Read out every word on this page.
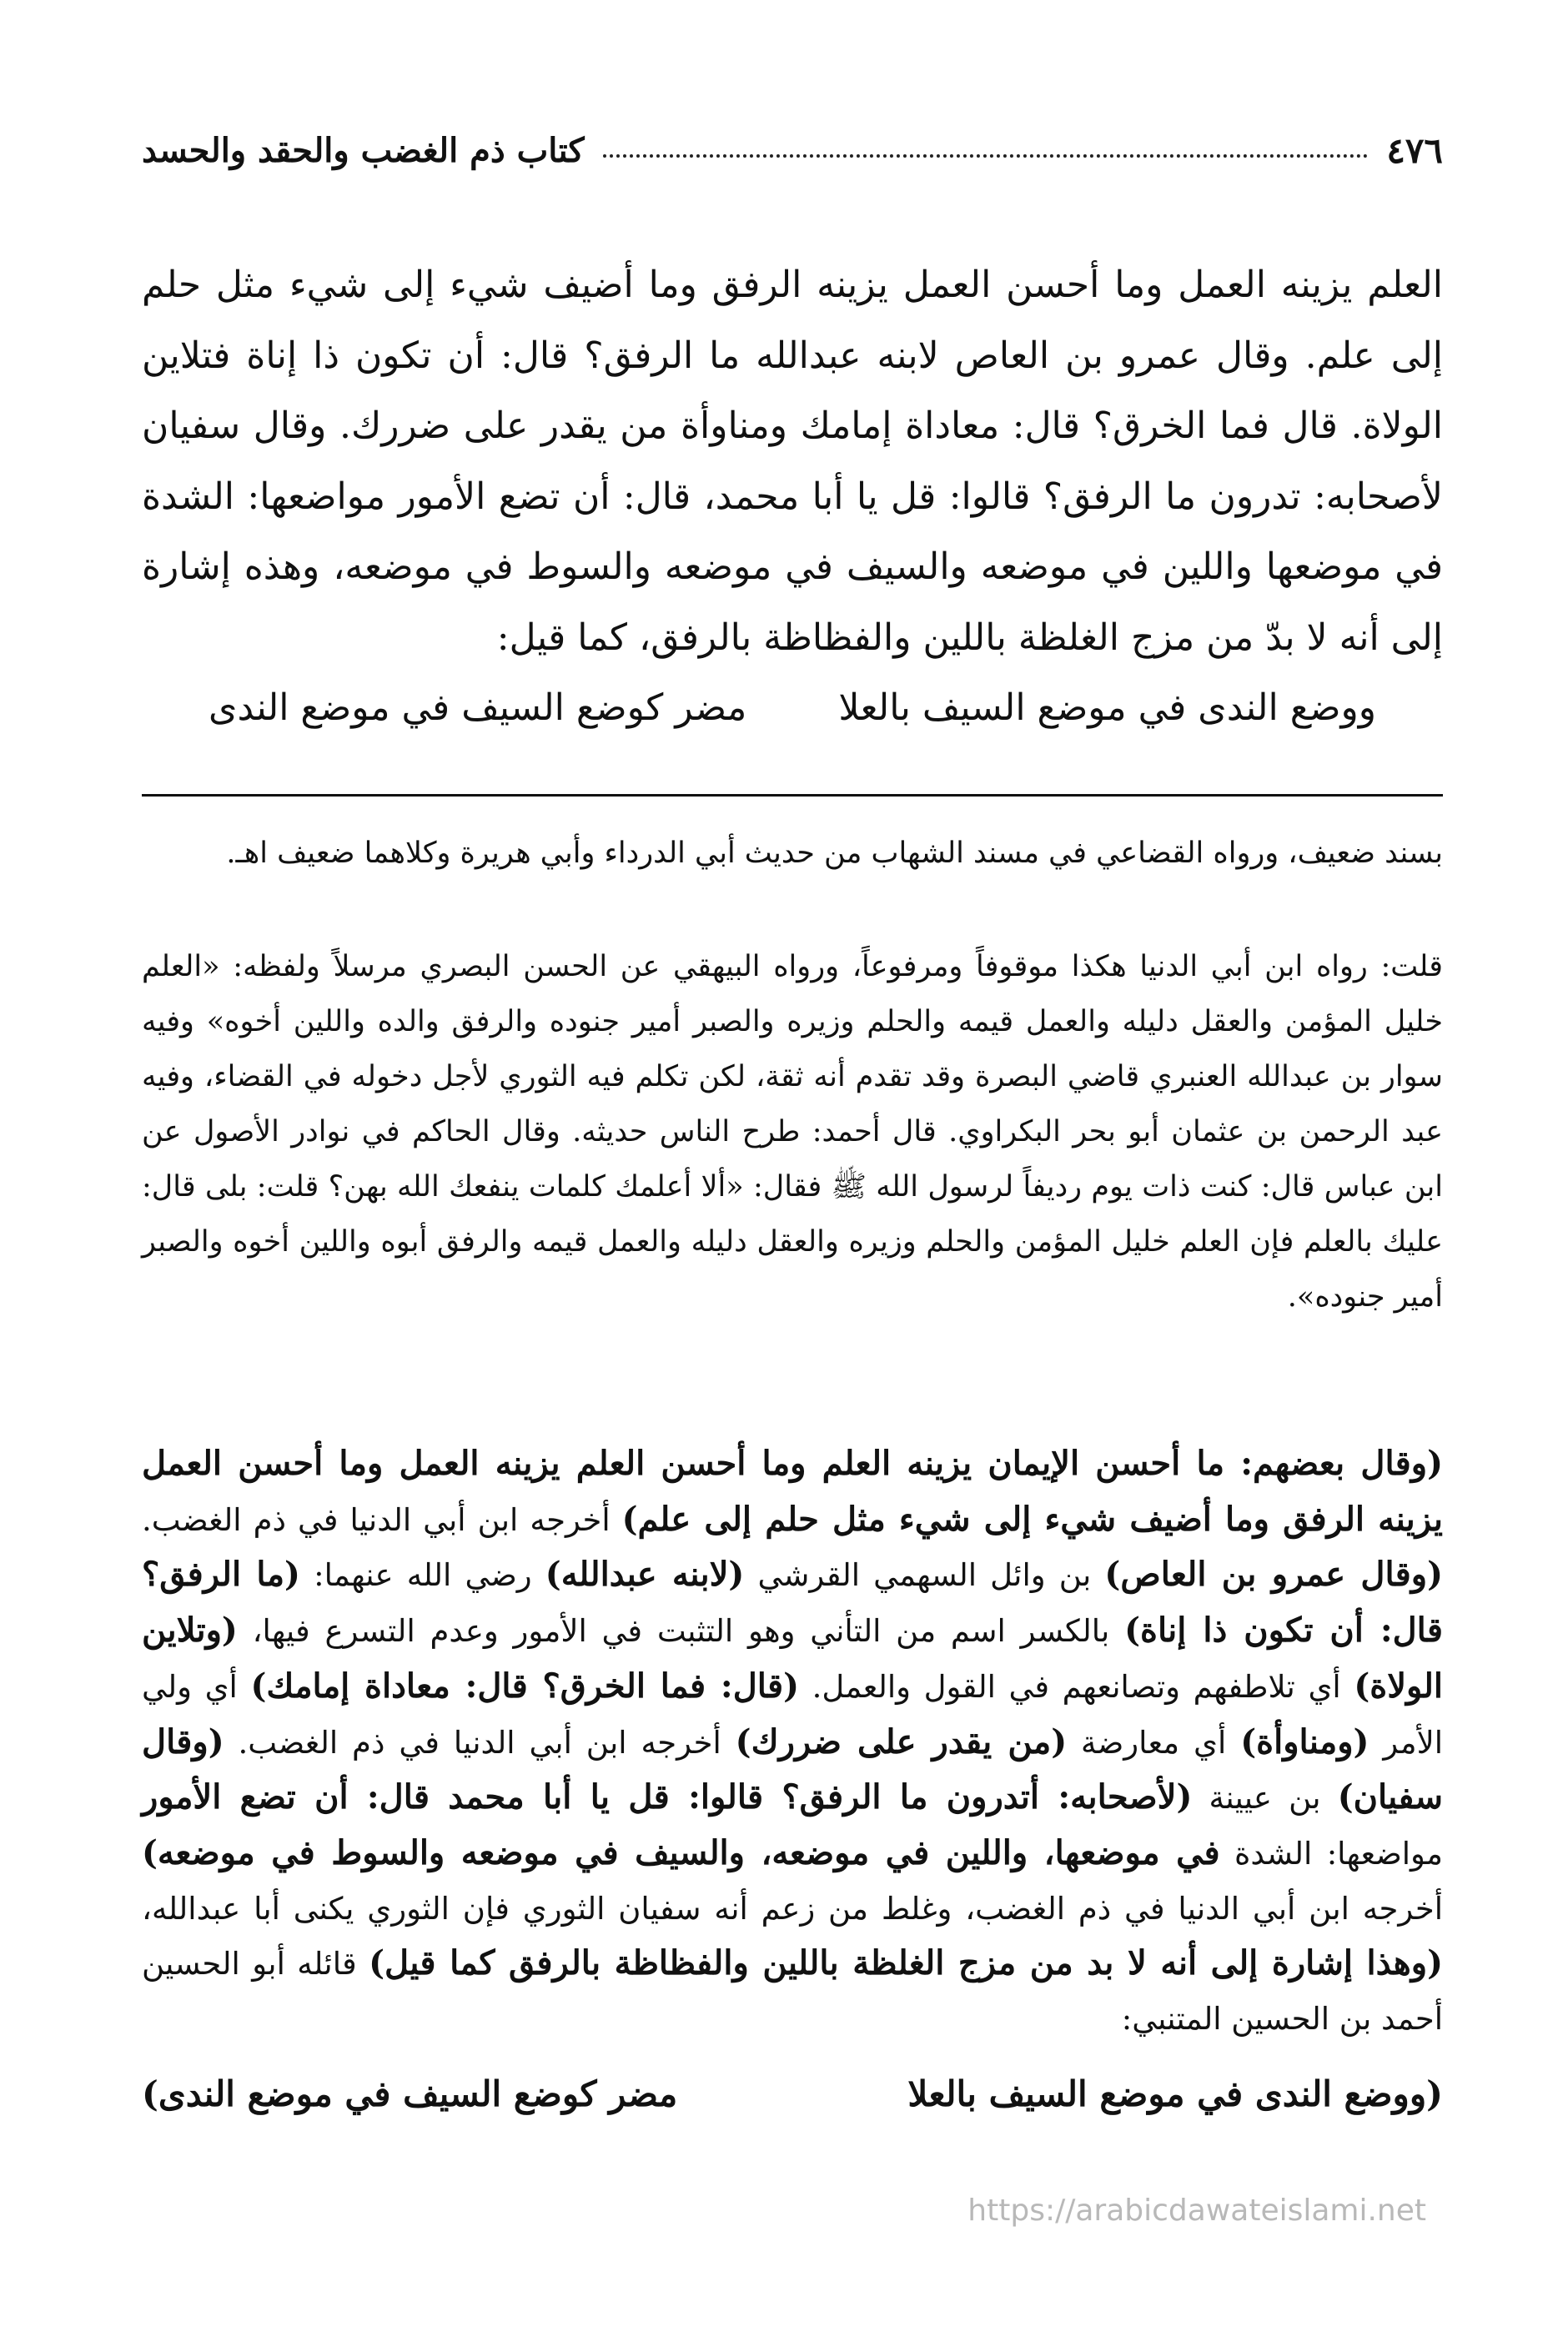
٤٧٦
كتاب ذم الغضب والحقد والحسد
العلم يزينه العمل وما أحسن العمل يزينه الرفق وما أضيف شيء إلى شيء مثل حلم إلى علم. وقال عمرو بن العاص لابنه عبدالله ما الرفق؟ قال: أن تكون ذا إناة فتلاين الولاة. قال فما الخرق؟ قال: معاداة إمامك ومناوأة من يقدر على ضررك. وقال سفيان لأصحابه: تدرون ما الرفق؟ قالوا: قل يا أبا محمد، قال: أن تضع الأمور مواضعها: الشدة في موضعها واللين في موضعه والسيف في موضعه والسوط في موضعه، وهذه إشارة إلى أنه لا بدّ من مزج الغلظة باللين والفظاظة بالرفق، كما قيل:
ووضع الندى في موضع السيف بالعلا
مضر كوضع السيف في موضع الندى

بسند ضعيف، ورواه القضاعي في مسند الشهاب من حديث أبي الدرداء وأبي هريرة وكلاهما ضعيف اهـ.

قلت: رواه ابن أبي الدنيا هكذا موقوفاً ومرفوعاً، ورواه البيهقي عن الحسن البصري مرسلاً ولفظه: «العلم خليل المؤمن والعقل دليله والعمل قيمه والحلم وزيره والصبر أمير جنوده والرفق والده واللين أخوه» وفيه سوار بن عبدالله العنبري قاضي البصرة وقد تقدم أنه ثقة، لكن تكلم فيه الثوري لأجل دخوله في القضاء، وفيه عبد الرحمن بن عثمان أبو بحر البكراوي. قال أحمد: طرح الناس حديثه. وقال الحاكم في نوادر الأصول عن ابن عباس قال: كنت ذات يوم رديفاً لرسول الله ﷺ فقال: «ألا أعلمك كلمات ينفعك الله بهن؟ قلت: بلى قال: عليك بالعلم فإن العلم خليل المؤمن والحلم وزيره والعقل دليله والعمل قيمه والرفق أبوه واللين أخوه والصبر أمير جنوده».

(وقال بعضهم: ما أحسن الإيمان يزينه العلم وما أحسن العلم يزينه العمل وما أحسن العمل يزينه الرفق وما أضيف شيء إلى شيء مثل حلم إلى علم) أخرجه ابن أبي الدنيا في ذم الغضب. (وقال عمرو بن العاص) بن وائل السهمي القرشي (لابنه عبدالله) رضي الله عنهما: (ما الرفق؟ قال: أن تكون ذا إناة) بالكسر اسم من التأني وهو التثبت في الأمور وعدم التسرع فيها، (وتلاين الولاة) أي تلاطفهم وتصانعهم في القول والعمل. (قال: فما الخرق؟ قال: معاداة إمامك) أي ولي الأمر (ومناوأة) أي معارضة (من يقدر على ضررك) أخرجه ابن أبي الدنيا في ذم الغضب. (وقال سفيان) بن عيينة (لأصحابه: أتدرون ما الرفق؟ قالوا: قل يا أبا محمد قال: أن تضع الأمور مواضعها: الشدة في موضعها، واللين في موضعه، والسيف في موضعه والسوط في موضعه) أخرجه ابن أبي الدنيا في ذم الغضب، وغلط من زعم أنه سفيان الثوري فإن الثوري يكنى أبا عبدالله، (وهذا إشارة إلى أنه لا بد من مزج الغلظة باللين والفظاظة بالرفق كما قيل) قائله أبو الحسين أحمد بن الحسين المتنبي:
(ووضع الندى في موضع السيف بالعلا
مضر كوضع السيف في موضع الندى)
https://arabicdawateislami.net
